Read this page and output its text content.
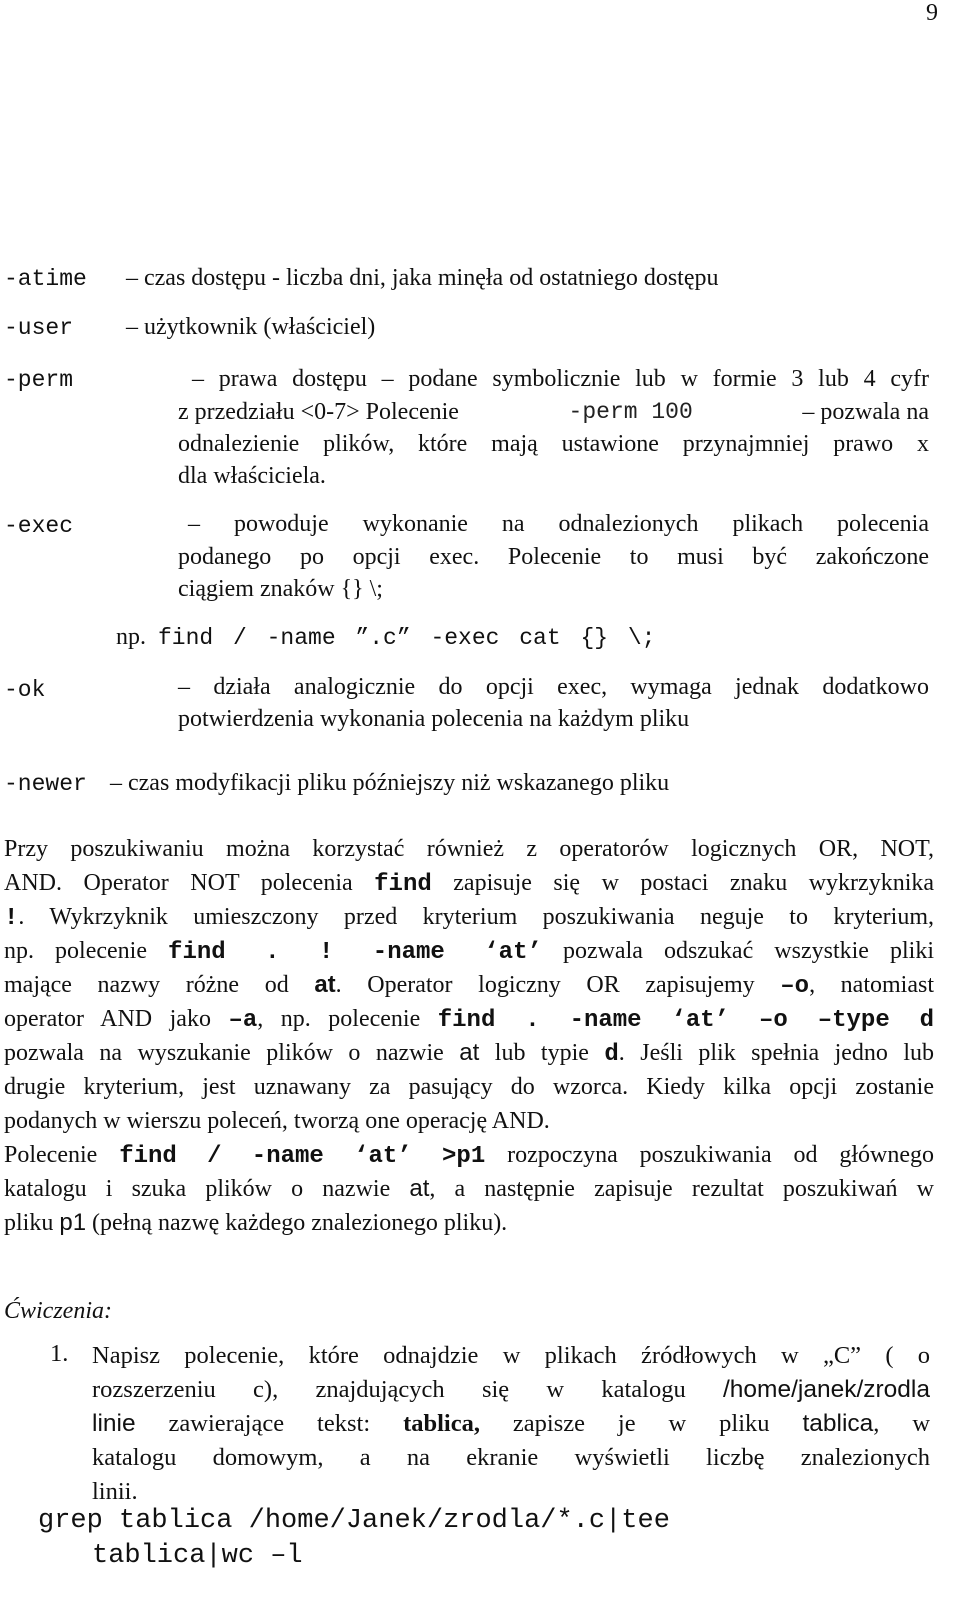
9
-atime – czas dostępu - liczba dni, jaka minęła od ostatniego dostępu
-user – użytkownik (właściciel)
-perm	– prawa dostępu – podane symbolicznie lub w formie 3 lub 4 cyfr
z przedziału <0-7> Polecenie	-perm 100	– pozwala na
odnalezienie plików, które mają ustawione przynajmniej prawo x
dla właściciela.
-exec	– powoduje wykonanie na odnalezionych plikach polecenia
podanego po opcji exec. Polecenie to musi być zakończone
ciągiem znaków {} \;
np. find / -name ”.c” -exec cat {} \;
-ok	– działa analogicznie do opcji exec, wymaga jednak dodatkowo
potwierdzenia wykonania polecenia na każdym pliku
-newer – czas modyfikacji pliku późniejszy niż wskazanego pliku
Przy poszukiwaniu można korzystać również z operatorów logicznych OR, NOT,
AND. Operator NOT polecenia find zapisuje się w postaci znaku wykrzyknika
!. Wykrzyknik umieszczony przed kryterium poszukiwania neguje to kryterium,
np. polecenie find . ! -name ‘at’ pozwala odszukać wszystkie pliki
mające nazwy różne od at. Operator logiczny OR zapisujemy –o, natomiast
operator AND jako –a, np. polecenie find . -name ‘at’ –o –type d
pozwala na wyszukanie plików o nazwie at lub typie d. Jeśli plik spełnia jedno lub
drugie kryterium, jest uznawany za pasujący do wzorca. Kiedy kilka opcji zostanie
podanych w wierszu poleceń, tworzą one operację AND.
Polecenie find / -name ‘at’ >p1 rozpoczyna poszukiwania od głównego
katalogu i szuka plików o nazwie at, a następnie zapisuje rezultat poszukiwań w
pliku p1 (pełną nazwę każdego znalezionego pliku).
Ćwiczenia:
1. Napisz polecenie, które odnajdzie w plikach źródłowych w „C” ( o
rozszerzeniu c), znajdujących się w katalogu /home/janek/zrodla
linie zawierające tekst: tablica, zapisze je w pliku tablica, w
katalogu domowym, a na ekranie wyświetli liczbę znalezionych
linii.
grep tablica /home/Janek/zrodla/*.c|tee
tablica|wc –l
